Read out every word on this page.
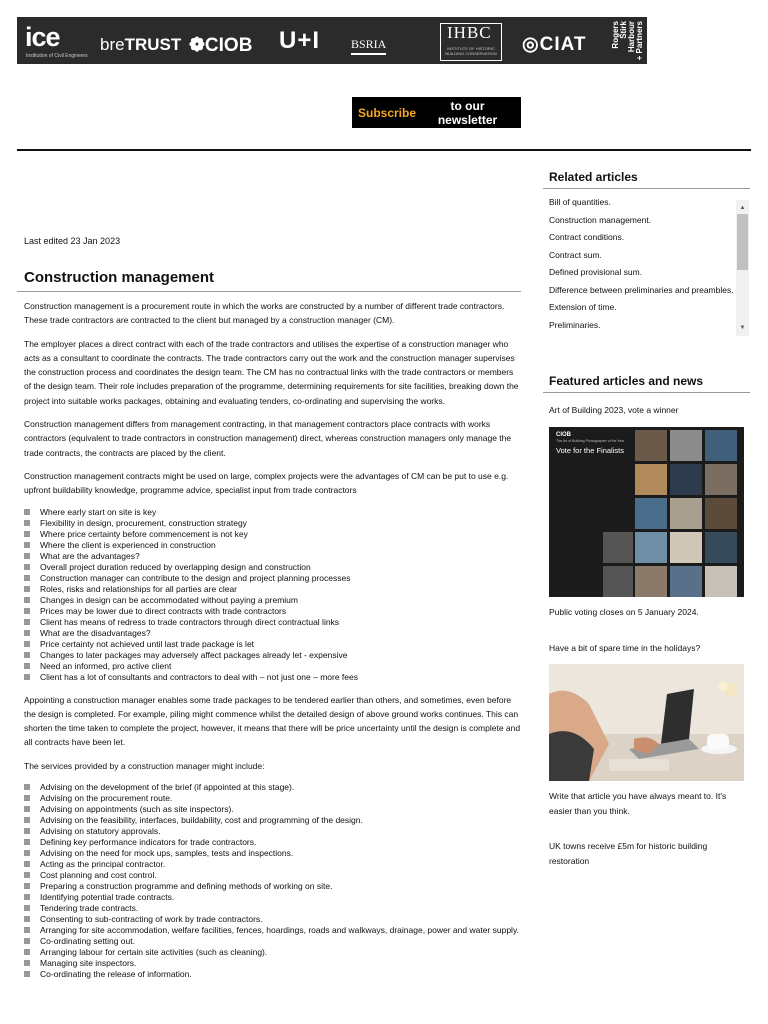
ice
Institution of Civil Engineers
breTRUST ❁CIOB U+I	BSRIA
IHBC
INSTITUTE OF HISTORIC BUILDING CONSERVATION ◎CIAT	Rogers Stirk Harbour + Partners
Subscribe	to our newsletter
Last edited 23 Jan 2023
Construction management

Construction management is a procurement route in which the works are constructed by a number of different trade contractors. These trade contractors are contracted to the client but managed by a construction manager (CM).

The employer places a direct contract with each of the trade contractors and utilises the expertise of a construction manager who acts as a consultant to coordinate the contracts. The trade contractors carry out the work and the construction manager supervises the construction process and coordinates the design team. The CM has no contractual links with the trade contractors or members of the design team. Their role includes preparation of the programme, determining requirements for site facilities, breaking down the project into suitable works packages, obtaining and evaluating tenders, co-ordinating and supervising the works.

Construction management differs from management contracting, in that management contractors place contracts with works contractors (equivalent to trade contractors in construction management) direct, whereas construction managers only manage the trade contracts, the contracts are placed by the client.

Construction management contracts might be used on large, complex projects were the advantages of CM can be put to use e.g. upfront buildability knowledge, programme advice, specialist input from trade contractors

Where early start on site is key
Flexibility in design, procurement, construction strategy
Where price certainty before commencement is not key
Where the client is experienced in construction
What are the advantages?
Overall project duration reduced by overlapping design and construction
Construction manager can contribute to the design and project planning processes
Roles, risks and relationships for all parties are clear
Changes in design can be accommodated without paying a premium
Prices may be lower due to direct contracts with trade contractors
Client has means of redress to trade contractors through direct contractual links
What are the disadvantages?
Price certainty not achieved until last trade package is let
Changes to later packages may adversely affect packages already let - expensive
Need an informed, pro active client
Client has a lot of consultants and contractors to deal with – not just one – more fees

Appointing a construction manager enables some trade packages to be tendered earlier than others, and sometimes, even before the design is completed. For example, piling might commence whilst the detailed design of above ground works continues. This can shorten the time taken to complete the project, however, it means that there will be price uncertainty until the design is complete and all contracts have been let.

The services provided by a construction manager might include:

Advising on the development of the brief (if appointed at this stage).
Advising on the procurement route.
Advising on appointments (such as site inspectors).
Advising on the feasibility, interfaces, buildability, cost and programming of the design.
Advising on statutory approvals.
Defining key performance indicators for trade contractors.
Advising on the need for mock ups, samples, tests and inspections.
Acting as the principal contractor.
Cost planning and cost control.
Preparing a construction programme and defining methods of working on site.
Identifying potential trade contracts.
Tendering trade contracts.
Consenting to sub-contracting of work by trade contractors.
Arranging for site accommodation, welfare facilities, fences, hoardings, roads and walkways, drainage, power and water supply.
Co-ordinating setting out.
Arranging labour for certain site activities (such as cleaning).
Managing site inspectors.
Co-ordinating the release of information.
Related articles
Bill of quantities.
Construction management.
Contract conditions.
Contract sum.
Defined provisional sum.
Difference between preliminaries and preambles.
Extension of time.
Preliminaries.
▲
▼
Featured articles and news
Art of Building 2023, vote a winner
CIOB
The Art of Building Photographer of the Year
Vote for the Finalists
Public voting closes on 5 January 2024.
Have a bit of spare time in the holidays?
Write that article you have always meant to. It's easier than you think.
UK towns receive £5m for historic building restoration
